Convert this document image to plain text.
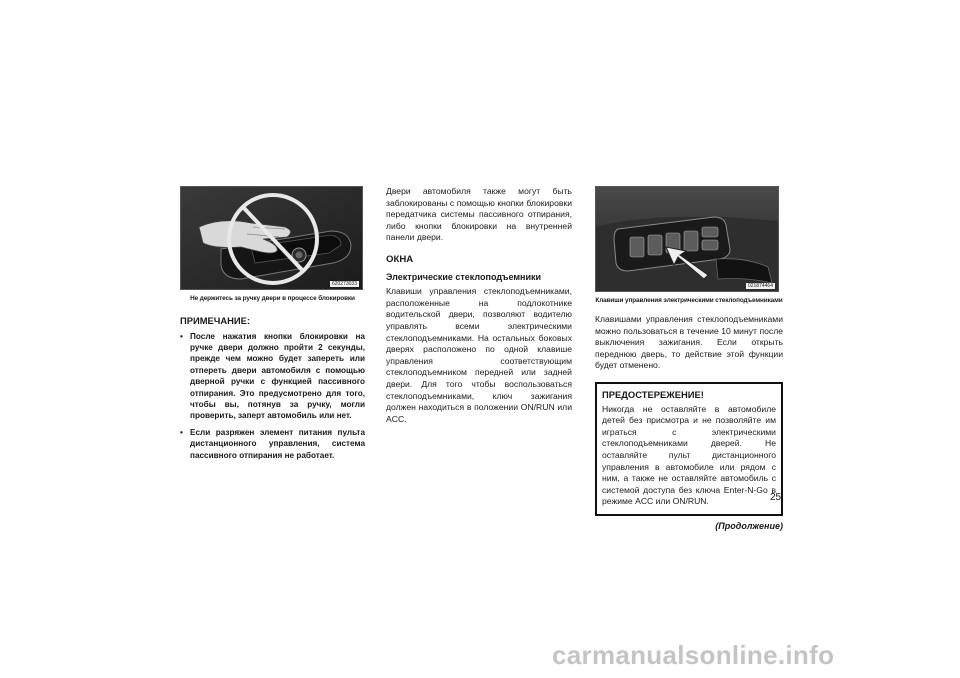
620273033
Не держитесь за ручку двери в процессе блокировки
ПРИМЕЧАНИЕ:
• После нажатия кнопки блокировки на ручке двери должно пройти 2 секунды, прежде чем можно будет запереть или отпереть двери автомобиля с помощью дверной ручки с функцией пассивного отпирания. Это предусмотрено для того, чтобы вы, потянув за ручку, могли проверить, заперт автомобиль или нет.
• Если разряжен элемент питания пульта дистанционного управления, система пассивного отпирания не работает.

Двери автомобиля также могут быть заблокированы с помощью кнопки блокировки передатчика системы пассивного отпирания, либо кнопки блокировки на внутренней панели двери.

ОКНА
Электрические стеклоподъемники

Клавиши управления стеклоподъемниками, расположенные на подлокотнике водительской двери, позволяют водителю управлять всеми электрическими стеклоподъемниками. На остальных боковых дверях расположено по одной клавише управления соответствующим стеклоподъемником передней или задней двери. Для того чтобы воспользоваться стеклоподъемниками, ключ зажигания должен находиться в положении ON/RUN или ACC.

021874464
Клавиши управления электрическими стеклоподъемниками

Клавишами управления стеклоподъемниками можно пользоваться в течение 10 минут после выключения зажигания. Если открыть переднюю дверь, то действие этой функции будет отменено.

ПРЕДОСТЕРЕЖЕНИЕ!

Никогда не оставляйте в автомобиле детей без присмотра и не позволяйте им играться с электрическими стеклоподъемниками дверей. Не оставляйте пульт дистанционного управления в автомобиле или рядом с ним, а также не оставляйте автомобиль с системой доступа без ключа Enter-N-Go в режиме ACC или ON/RUN.

(Продолжение)
25
carmanualsonline.info
